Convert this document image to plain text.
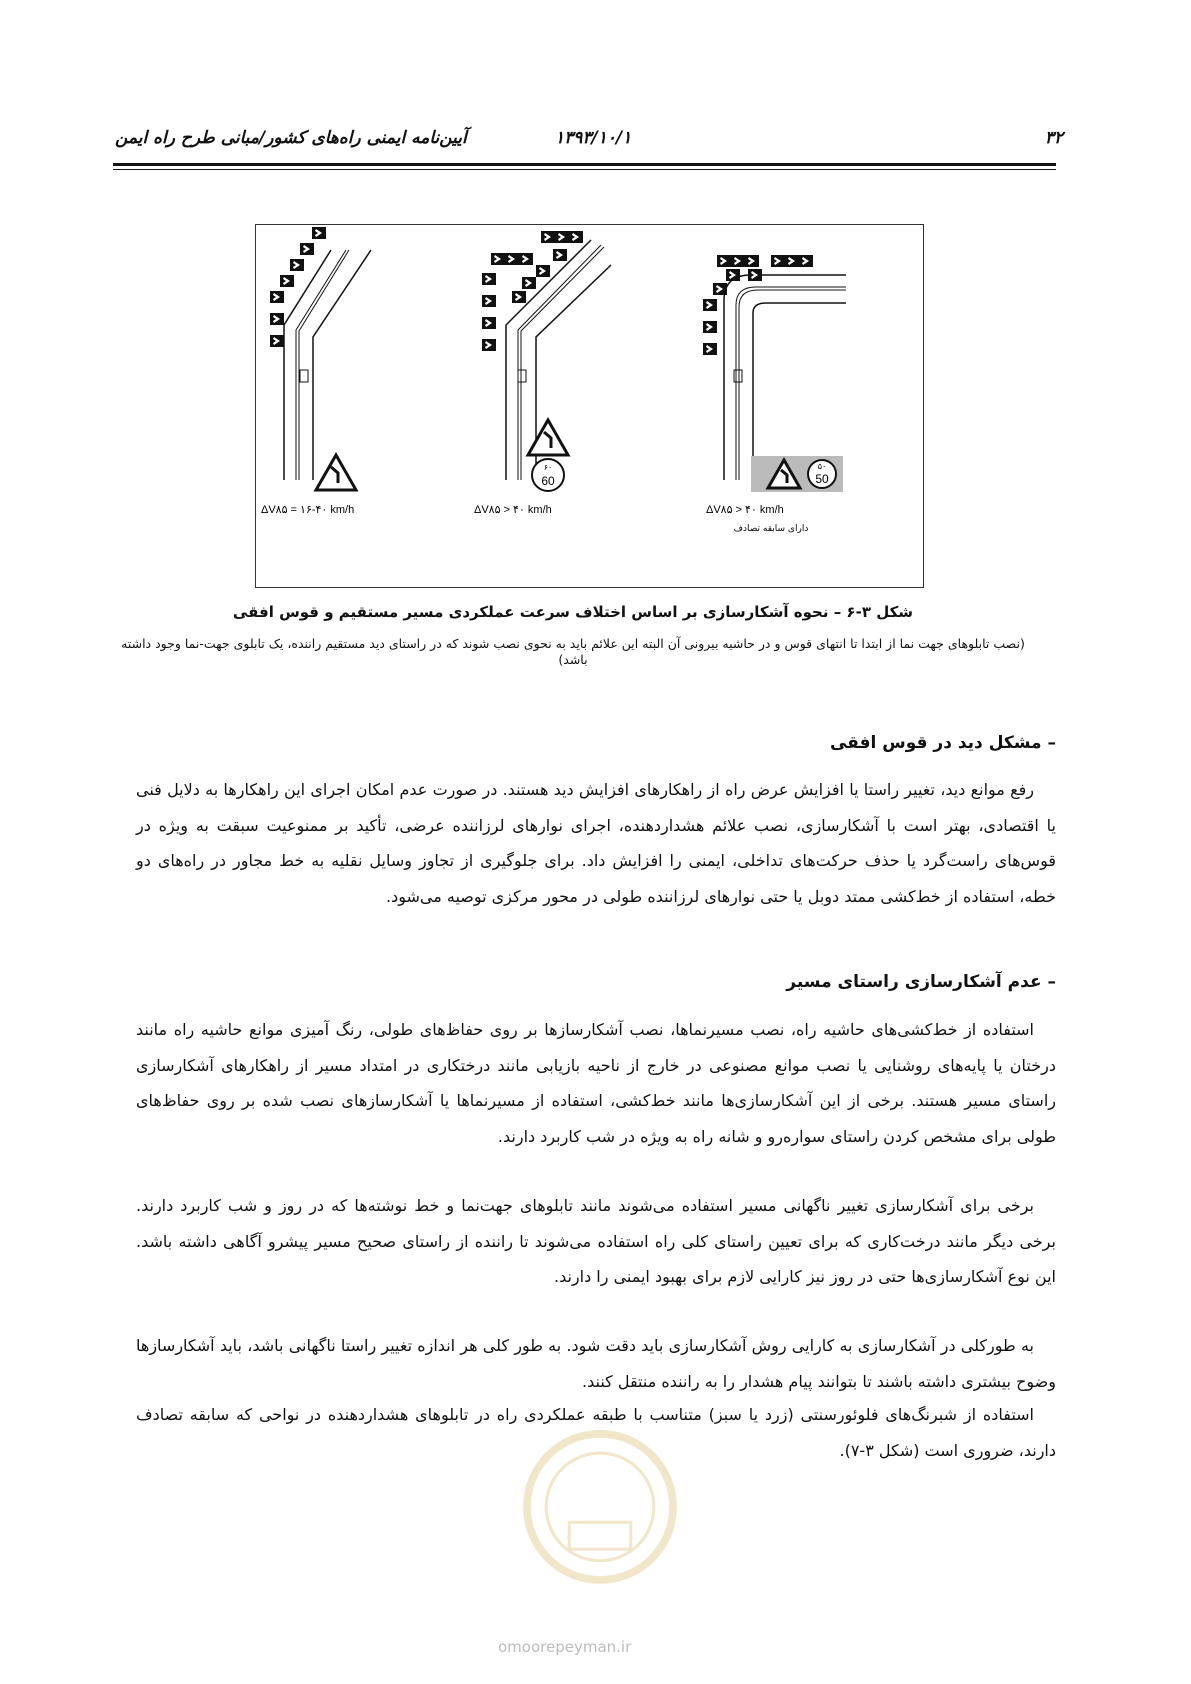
۳۲
۱۳۹۳/۱۰/۱
آیین‌نامه ایمنی راه‌های کشور/مبانی طرح راه ایمن
ΔV۸۵ = ۱۶-۴۰ km/h
۶۰
60
ΔV۸۵ > ۴۰ km/h
۵۰
50
ΔV۸۵ > ۴۰ km/h
دارای سابقه تصادف
شکل ۳-۶ – نحوه آشکارسازی بر اساس اختلاف سرعت عملکردی مسیر مستقیم و قوس افقی
(نصب تابلوهای جهت نما از ابتدا تا انتهای قوس و در حاشیه بیرونی آن البته این علائم باید به نحوی نصب شوند که در راستای دید مستقیم راننده، یک تابلوی جهت-نما وجود داشته باشد)
– مشکل دید در قوس افقی
رفع موانع دید، تغییر راستا یا افزایش عرض راه از راهکارهای افزایش دید هستند. در صورت عدم امکان اجرای این راهکارها به دلایل فنی یا اقتصادی، بهتر است با آشکارسازی، نصب علائم هشداردهنده، اجرای نوارهای لرزاننده عرضی، تأکید بر ممنوعیت سبقت به ویژه در قوس‌های راست‌گرد یا حذف حرکت‌های تداخلی، ایمنی را افزایش داد. برای جلوگیری از تجاوز وسایل نقلیه به خط مجاور در راه‌های دو خطه، استفاده از خط‌کشی ممتد دوبل یا حتی نوارهای لرزاننده طولی در محور مرکزی توصیه می‌شود.
– عدم آشکارسازی راستای مسیر
استفاده از خط‌کشی‌های حاشیه راه، نصب مسیرنماها، نصب آشکارسازها بر روی حفاظ‌های طولی، رنگ آمیزی موانع حاشیه راه مانند درختان یا پایه‌های روشنایی یا نصب موانع مصنوعی در خارج از ناحیه بازیابی مانند درختکاری در امتداد مسیر از راهکارهای آشکارسازی راستای مسیر هستند. برخی از این آشکارسازی‌ها مانند خط‌کشی، استفاده از مسیرنماها یا آشکارسازهای نصب شده بر روی حفاظ‌های طولی برای مشخص کردن راستای سواره‌رو و شانه راه به ویژه در شب کاربرد دارند.
برخی برای آشکارسازی تغییر ناگهانی مسیر استفاده می‌شوند مانند تابلوهای جهت‌نما و خط نوشته‌ها که در روز و شب کاربرد دارند. برخی دیگر مانند درخت‌کاری که برای تعیین راستای کلی راه استفاده می‌شوند تا راننده از راستای صحیح مسیر پیشرو آگاهی داشته باشد. این نوع آشکارسازی‌ها حتی در روز نیز کارایی لازم برای بهبود ایمنی را دارند.
به طورکلی در آشکارسازی به کارایی روش آشکارسازی باید دقت شود. به طور کلی هر اندازه تغییر راستا ناگهانی باشد، باید آشکارسازها وضوح بیشتری داشته باشند تا بتوانند پیام هشدار را به راننده منتقل کنند.
استفاده از شبرنگ‌های فلوئورسنتی (زرد یا سبز) متناسب با طبقه عملکردی راه در تابلوهای هشداردهنده در نواحی که سابقه تصادف دارند، ضروری است (شکل ۳-۷).
omoorepeyman.ir
